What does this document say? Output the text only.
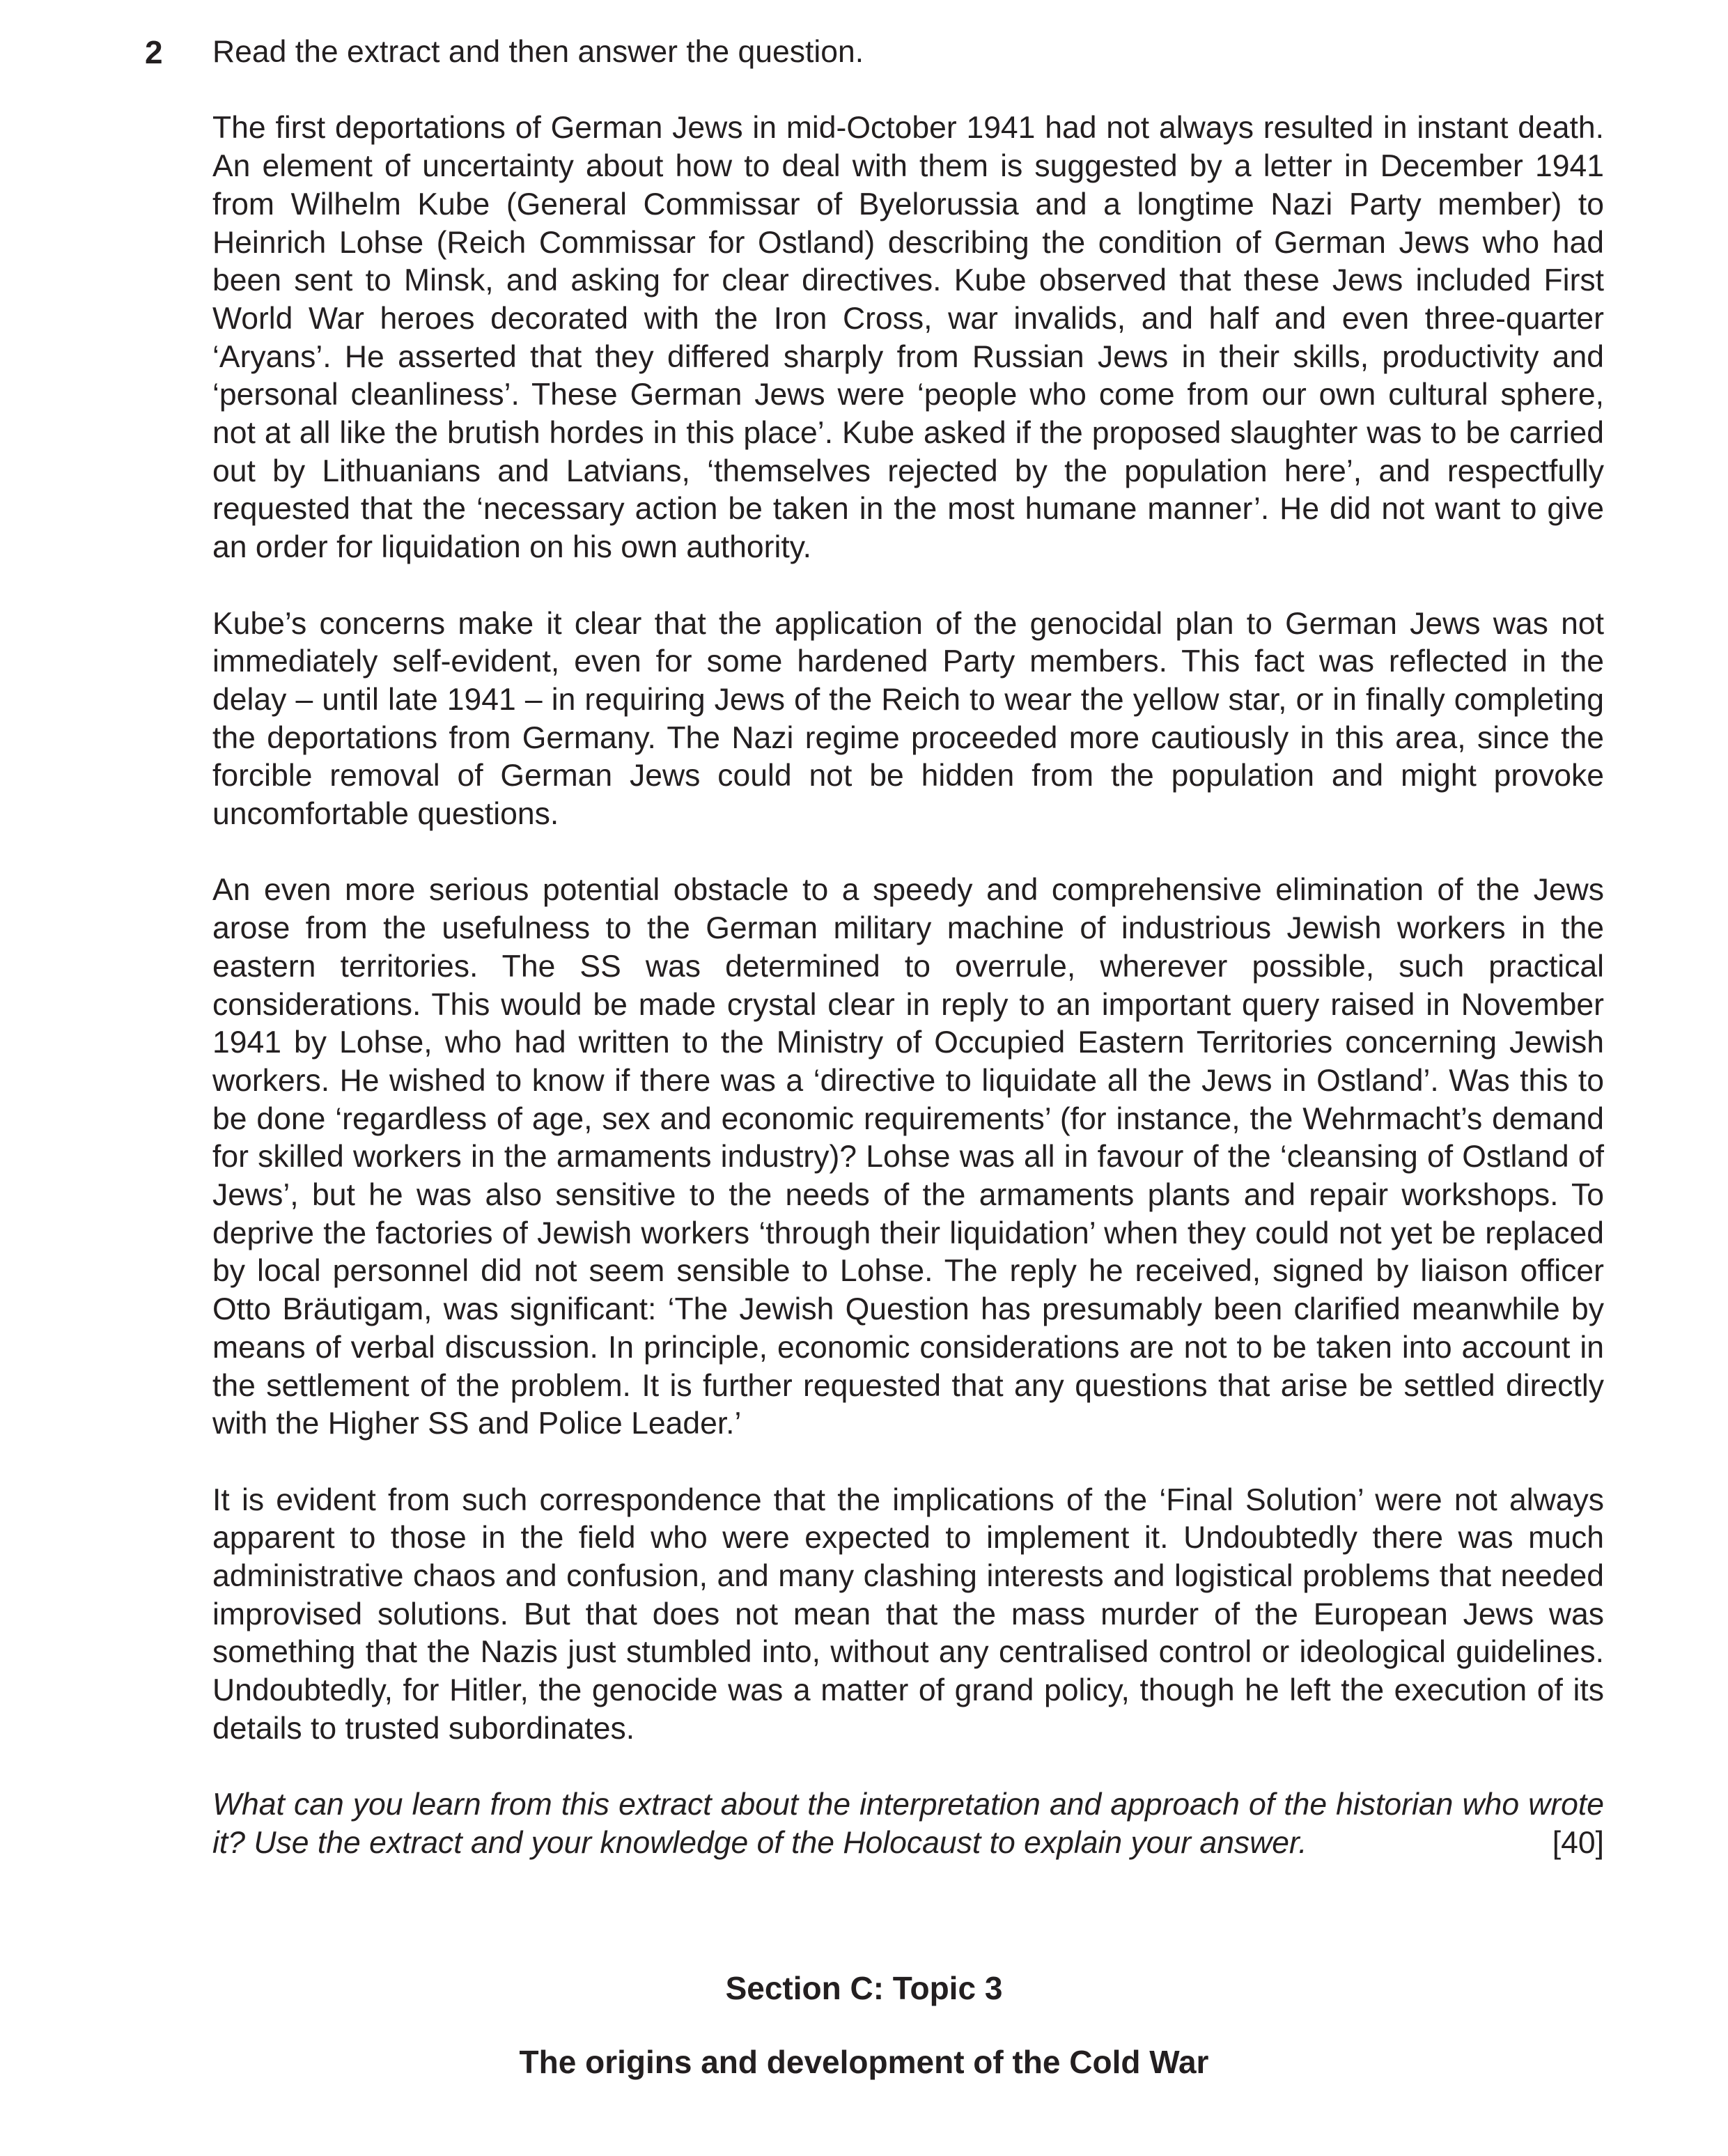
2 Read the extract and then answer the question.

The first deportations of German Jews in mid-October 1941 had not always resulted in instant death. An element of uncertainty about how to deal with them is suggested by a letter in December 1941 from Wilhelm Kube (General Commissar of Byelorussia and a longtime Nazi Party member) to Heinrich Lohse (Reich Commissar for Ostland) describing the condition of German Jews who had been sent to Minsk, and asking for clear directives. Kube observed that these Jews included First World War heroes decorated with the Iron Cross, war invalids, and half and even three-quarter ‘Aryans’. He asserted that they differed sharply from Russian Jews in their skills, productivity and ‘personal cleanliness’. These German Jews were ‘people who come from our own cultural sphere, not at all like the brutish hordes in this place’. Kube asked if the proposed slaughter was to be carried out by Lithuanians and Latvians, ‘themselves rejected by the population here’, and respectfully requested that the ‘necessary action be taken in the most humane manner’. He did not want to give an order for liquidation on his own authority.

Kube’s concerns make it clear that the application of the genocidal plan to German Jews was not immediately self-evident, even for some hardened Party members. This fact was reflected in the delay – until late 1941 – in requiring Jews of the Reich to wear the yellow star, or in finally completing the deportations from Germany. The Nazi regime proceeded more cautiously in this area, since the forcible removal of German Jews could not be hidden from the population and might provoke uncomfortable questions.

An even more serious potential obstacle to a speedy and comprehensive elimination of the Jews arose from the usefulness to the German military machine of industrious Jewish workers in the eastern territories. The SS was determined to overrule, wherever possible, such practical considerations. This would be made crystal clear in reply to an important query raised in November 1941 by Lohse, who had written to the Ministry of Occupied Eastern Territories concerning Jewish workers. He wished to know if there was a ‘directive to liquidate all the Jews in Ostland’. Was this to be done ‘regardless of age, sex and economic requirements’ (for instance, the Wehrmacht’s demand for skilled workers in the armaments industry)? Lohse was all in favour of the ‘cleansing of Ostland of Jews’, but he was also sensitive to the needs of the armaments plants and repair workshops. To deprive the factories of Jewish workers ‘through their liquidation’ when they could not yet be replaced by local personnel did not seem sensible to Lohse. The reply he received, signed by liaison officer Otto Bräutigam, was significant: ‘The Jewish Question has presumably been clarified meanwhile by means of verbal discussion. In principle, economic considerations are not to be taken into account in the settlement of the problem. It is further requested that any questions that arise be settled directly with the Higher SS and Police Leader.’

It is evident from such correspondence that the implications of the ‘Final Solution’ were not always apparent to those in the field who were expected to implement it. Undoubtedly there was much administrative chaos and confusion, and many clashing interests and logistical problems that needed improvised solutions. But that does not mean that the mass murder of the European Jews was something that the Nazis just stumbled into, without any centralised control or ideological guidelines. Undoubtedly, for Hitler, the genocide was a matter of grand policy, though he left the execution of its details to trusted subordinates.

What can you learn from this extract about the interpretation and approach of the historian who wrote it? Use the extract and your knowledge of the Holocaust to explain your answer.	[40]

Section C: Topic 3
The origins and development of the Cold War
